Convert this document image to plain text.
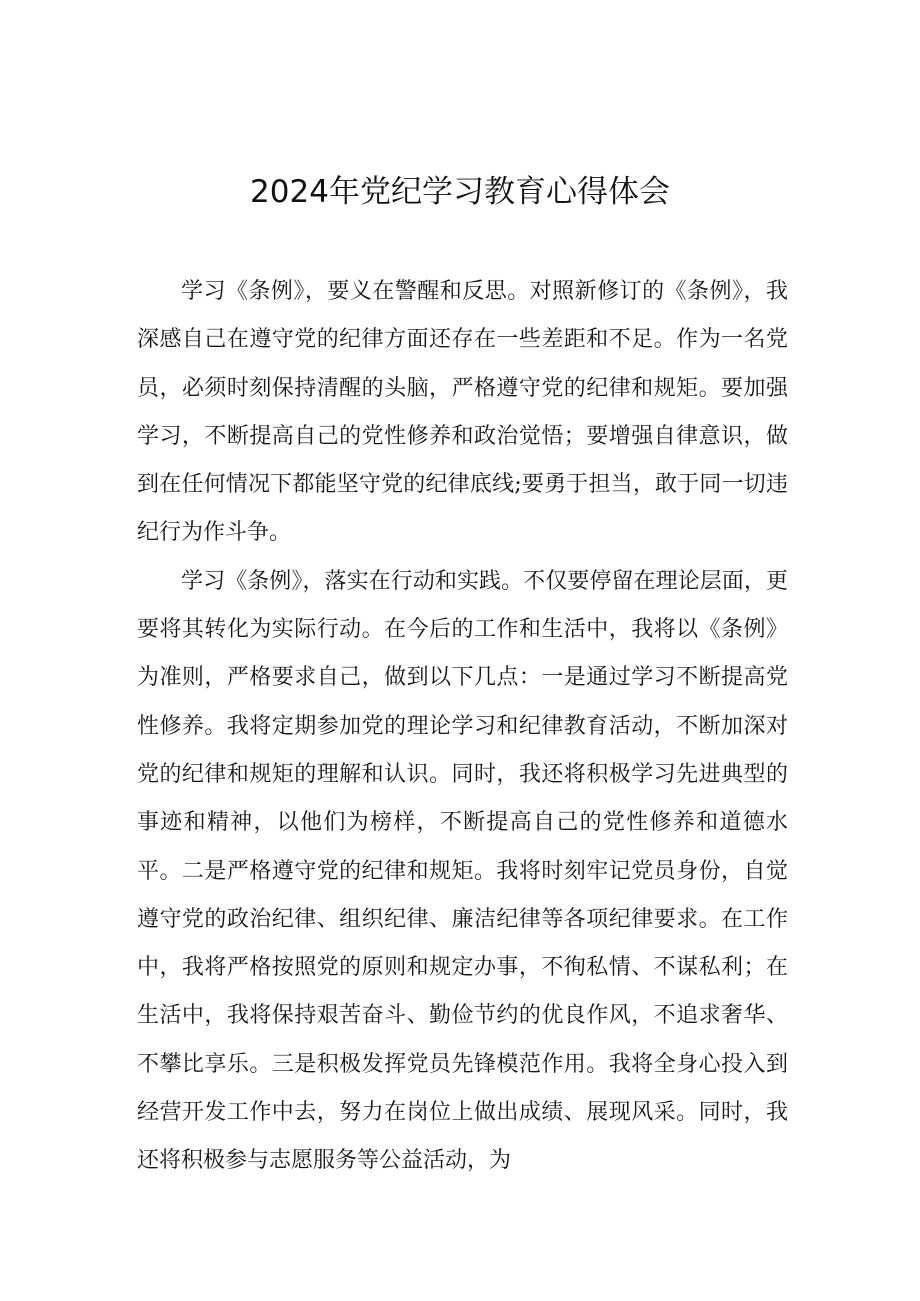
2024年党纪学习教育心得体会

学习《条例》，要义在警醒和反思。对照新修订的《条例》，我深感自己在遵守党的纪律方面还存在一些差距和不足。作为一名党员，必须时刻保持清醒的头脑，严格遵守党的纪律和规矩。要加强学习，不断提高自己的党性修养和政治觉悟；要增强自律意识，做到在任何情况下都能坚守党的纪律底线;要勇于担当，敢于同一切违纪行为作斗争。

学习《条例》，落实在行动和实践。不仅要停留在理论层面，更要将其转化为实际行动。在今后的工作和生活中，我将以《条例》为准则，严格要求自己，做到以下几点：一是通过学习不断提高党性修养。我将定期参加党的理论学习和纪律教育活动，不断加深对党的纪律和规矩的理解和认识。同时，我还将积极学习先进典型的事迹和精神，以他们为榜样，不断提高自己的党性修养和道德水平。二是严格遵守党的纪律和规矩。我将时刻牢记党员身份，自觉遵守党的政治纪律、组织纪律、廉洁纪律等各项纪律要求。在工作中，我将严格按照党的原则和规定办事，不徇私情、不谋私利；在生活中，我将保持艰苦奋斗、勤俭节约的优良作风，不追求奢华、不攀比享乐。三是积极发挥党员先锋模范作用。我将全身心投入到经营开发工作中去，努力在岗位上做出成绩、展现风采。同时，我还将积极参与志愿服务等公益活动，为
